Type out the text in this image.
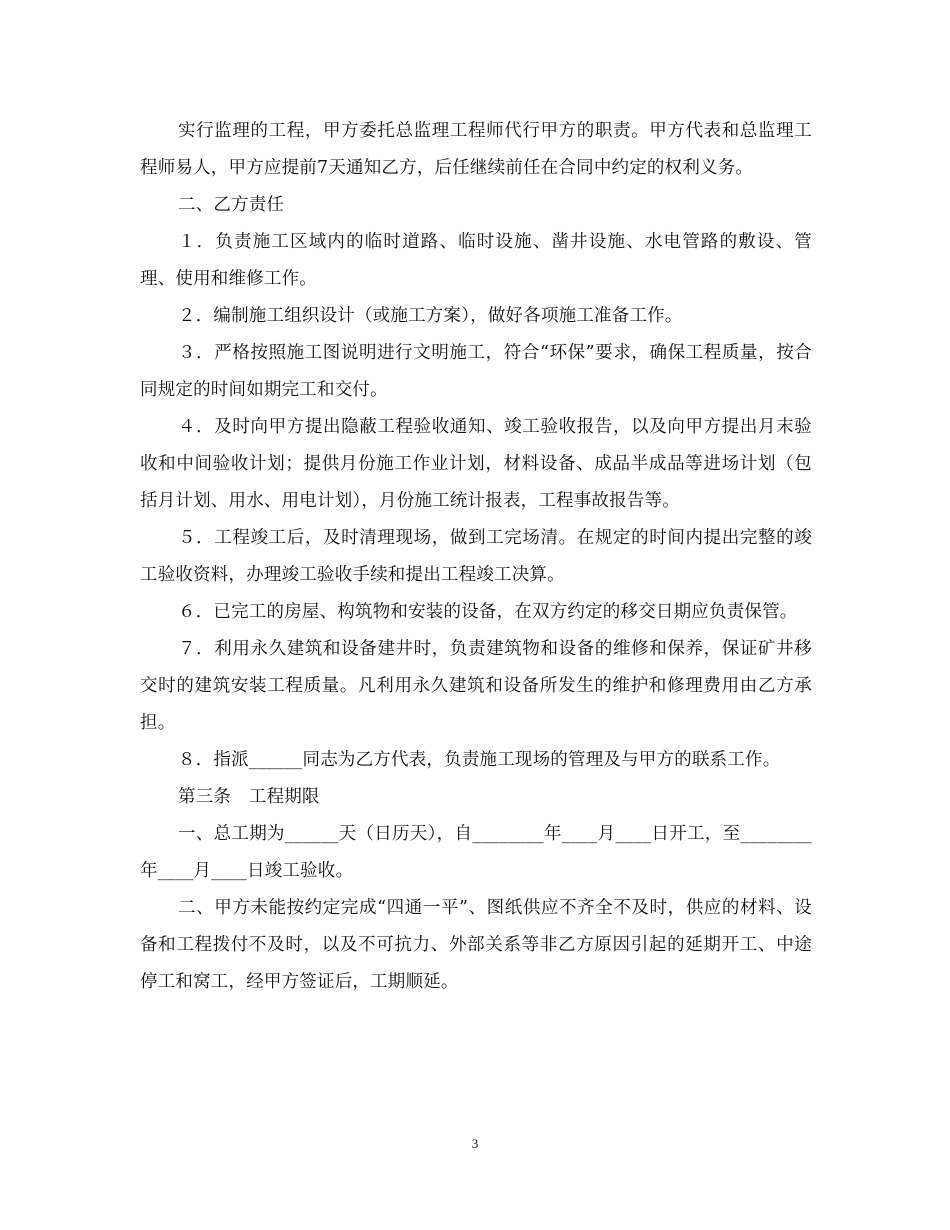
实行监理的工程，甲方委托总监理工程师代行甲方的职责。甲方代表和总监理工程师易人，甲方应提前7天通知乙方，后任继续前任在合同中约定的权利义务。

二、乙方责任

１．负责施工区域内的临时道路、临时设施、凿井设施、水电管路的敷设、管理、使用和维修工作。

２．编制施工组织设计（或施工方案），做好各项施工准备工作。

３．严格按照施工图说明进行文明施工，符合“环保”要求，确保工程质量，按合同规定的时间如期完工和交付。

４．及时向甲方提出隐蔽工程验收通知、竣工验收报告，以及向甲方提出月末验收和中间验收计划；提供月份施工作业计划，材料设备、成品半成品等进场计划（包括月计划、用水、用电计划），月份施工统计报表，工程事故报告等。

５．工程竣工后，及时清理现场，做到工完场清。在规定的时间内提出完整的竣工验收资料，办理竣工验收手续和提出工程竣工决算。

６．已完工的房屋、构筑物和安装的设备，在双方约定的移交日期应负责保管。

７．利用永久建筑和设备建井时，负责建筑物和设备的维修和保养，保证矿井移交时的建筑安装工程质量。凡利用永久建筑和设备所发生的维护和修理费用由乙方承担。

８．指派______同志为乙方代表，负责施工现场的管理及与甲方的联系工作。

第三条　工程期限

一、总工期为______天（日历天），自________年____月____日开工，至________年____月____日竣工验收。

二、甲方未能按约定完成“四通一平”、图纸供应不齐全不及时，供应的材料、设备和工程拨付不及时，以及不可抗力、外部关系等非乙方原因引起的延期开工、中途停工和窝工，经甲方签证后，工期顺延。

3
